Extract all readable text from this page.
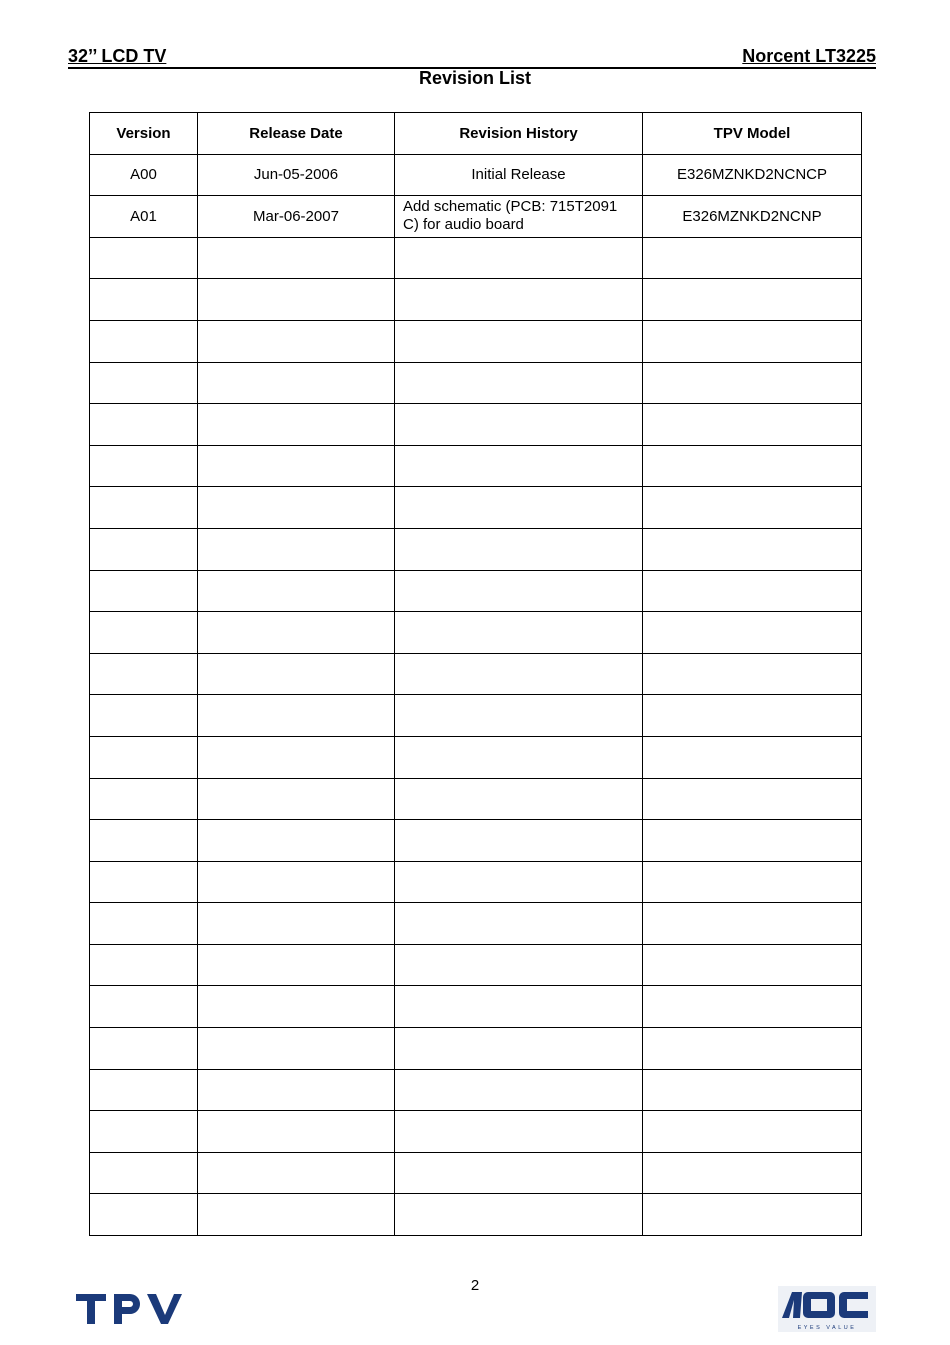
32’’ LCD TV	Norcent LT3225
Revision List
Version	Release Date	Revision History	TPV Model
A00	Jun-05-2006	Initial Release	E326MZNKD2NCNCP
A01	Mar-06-2007	Add schematic (PCB: 715T2091 C) for audio board	E326MZNKD2NCNP

2
EYES VALUE
